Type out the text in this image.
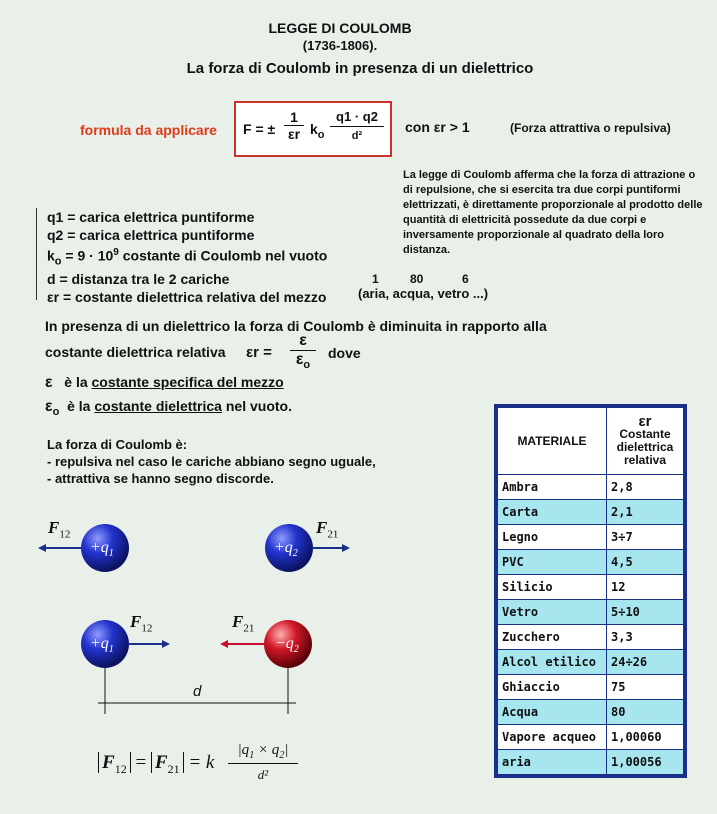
LEGGE DI COULOMB
(1736-1806).
La forza di Coulomb in presenza di un dielettrico
formula da applicare F = ± $\frac{1}{\varepsilon r} k_o$
q1 · q2
d²
con εr > 1	(Forza attrattiva o repulsiva)
La legge di Coulomb afferma che la forza di attrazione o di repulsione, che si esercita tra due corpi puntiformi elettrizzati, è direttamente proporzionale al prodotto delle quantità di elettricità possedute da due corpi e inversamente proporzionale al quadrato della loro distanza.
q1 = carica elettrica puntiforme
q2 = carica elettrica puntiforme
$k_o = 9 \cdot 10^9$ costante di Coulomb nel vuoto
d = distanza tra le 2 cariche
εr = costante dielettrica relativa del mezzo
1	80	6
(aria, acqua, vetro ...)
In presenza di un dielettrico la forza di Coulomb è diminuita in rapporto alla
costante dielettrica relativa $\varepsilon r = \frac{\varepsilon}{\varepsilon_o}$ dove
ε è la costante specifica del mezzo
$\varepsilon_o$ è la costante dielettrica nel vuoto.
La forza di Coulomb è:
- repulsiva nel caso le cariche abbiano segno uguale,
- attrattiva se hanno segno discorde.
$F_{12}$
$+q_1$	$+q_2$
$F_{21}$
$+q_1$
$F_{12}$	$F_{21}$
$-q_2$
d
$F_{12} = F_{21} = k \frac{|q_1 \times q_2|}{\text{d²}}$
MATERIALE	εr
Costante dielettrica relativa

Ambra	2,8
Carta	2,1
Legno	3÷7
PVC	4,5
Silicio	12
Vetro	5÷10
Zucchero	3,3
Alcol etilico	24÷26
Ghiaccio	75
Acqua	80
Vapore acqueo	1,00060
aria	1,00056
